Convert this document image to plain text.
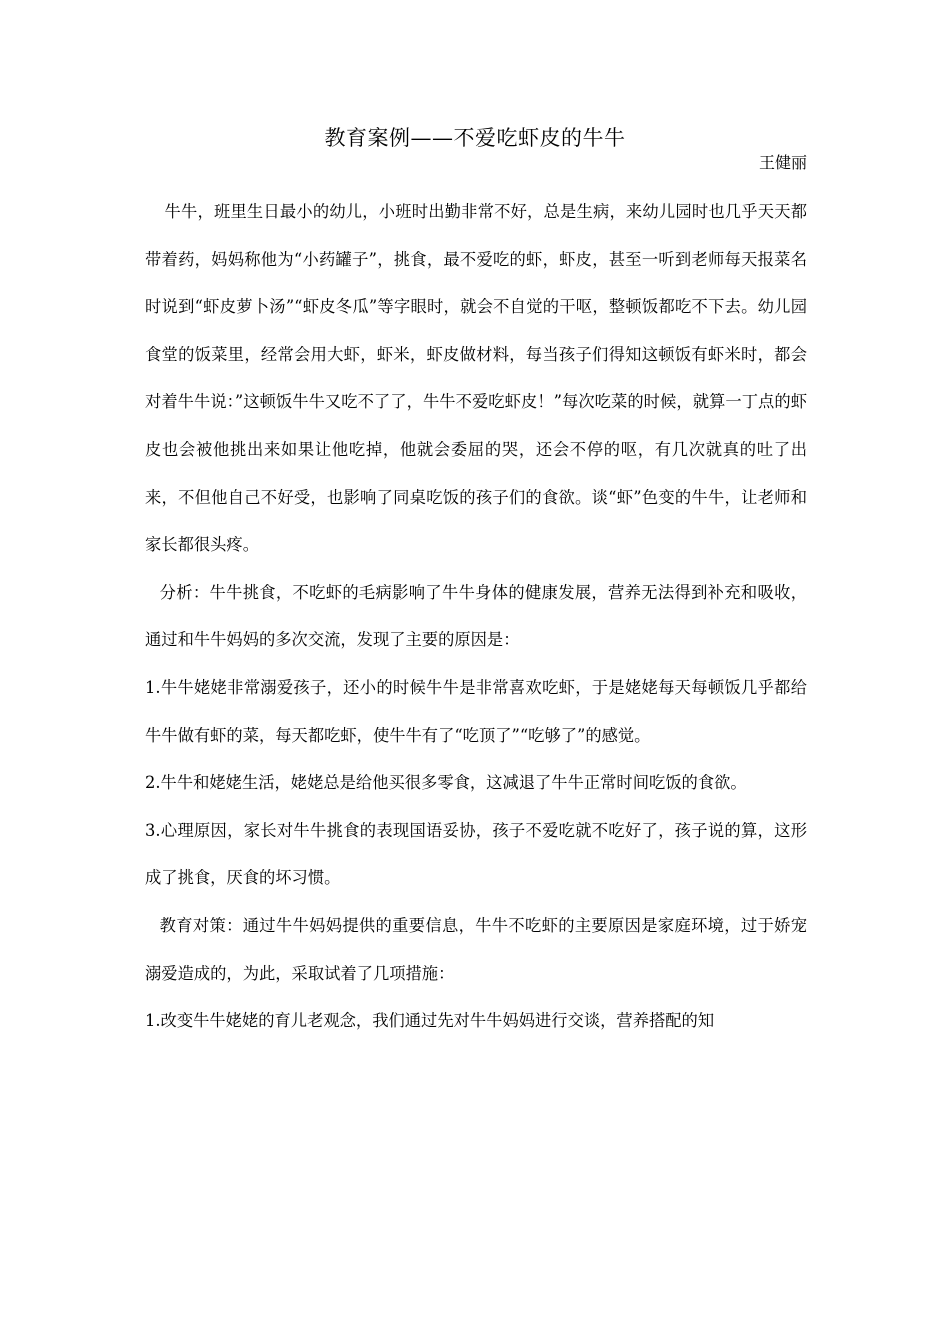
教育案例——不爱吃虾皮的牛牛
王健丽

牛牛，班里生日最小的幼儿，小班时出勤非常不好，总是生病，来幼儿园时也几乎天天都带着药，妈妈称他为“小药罐子”，挑食，最不爱吃的虾，虾皮，甚至一听到老师每天报菜名时说到“虾皮萝卜汤”“虾皮冬瓜”等字眼时，就会不自觉的干呕，整顿饭都吃不下去。幼儿园食堂的饭菜里，经常会用大虾，虾米，虾皮做材料，每当孩子们得知这顿饭有虾米时，都会对着牛牛说：”这顿饭牛牛又吃不了了，牛牛不爱吃虾皮！”每次吃菜的时候，就算一丁点的虾皮也会被他挑出来如果让他吃掉，他就会委屈的哭，还会不停的呕，有几次就真的吐了出来，不但他自己不好受，也影响了同桌吃饭的孩子们的食欲。谈“虾”色变的牛牛，让老师和家长都很头疼。

分析：牛牛挑食，不吃虾的毛病影响了牛牛身体的健康发展，营养无法得到补充和吸收，通过和牛牛妈妈的多次交流，发现了主要的原因是：

1.牛牛姥姥非常溺爱孩子，还小的时候牛牛是非常喜欢吃虾，于是姥姥每天每顿饭几乎都给牛牛做有虾的菜，每天都吃虾，使牛牛有了“吃顶了”“吃够了”的感觉。

2.牛牛和姥姥生活，姥姥总是给他买很多零食，这减退了牛牛正常时间吃饭的食欲。

3.心理原因，家长对牛牛挑食的表现国语妥协，孩子不爱吃就不吃好了，孩子说的算，这形成了挑食，厌食的坏习惯。

教育对策：通过牛牛妈妈提供的重要信息，牛牛不吃虾的主要原因是家庭环境，过于娇宠溺爱造成的，为此，采取试着了几项措施：

1.改变牛牛姥姥的育儿老观念，我们通过先对牛牛妈妈进行交谈，营养搭配的知
